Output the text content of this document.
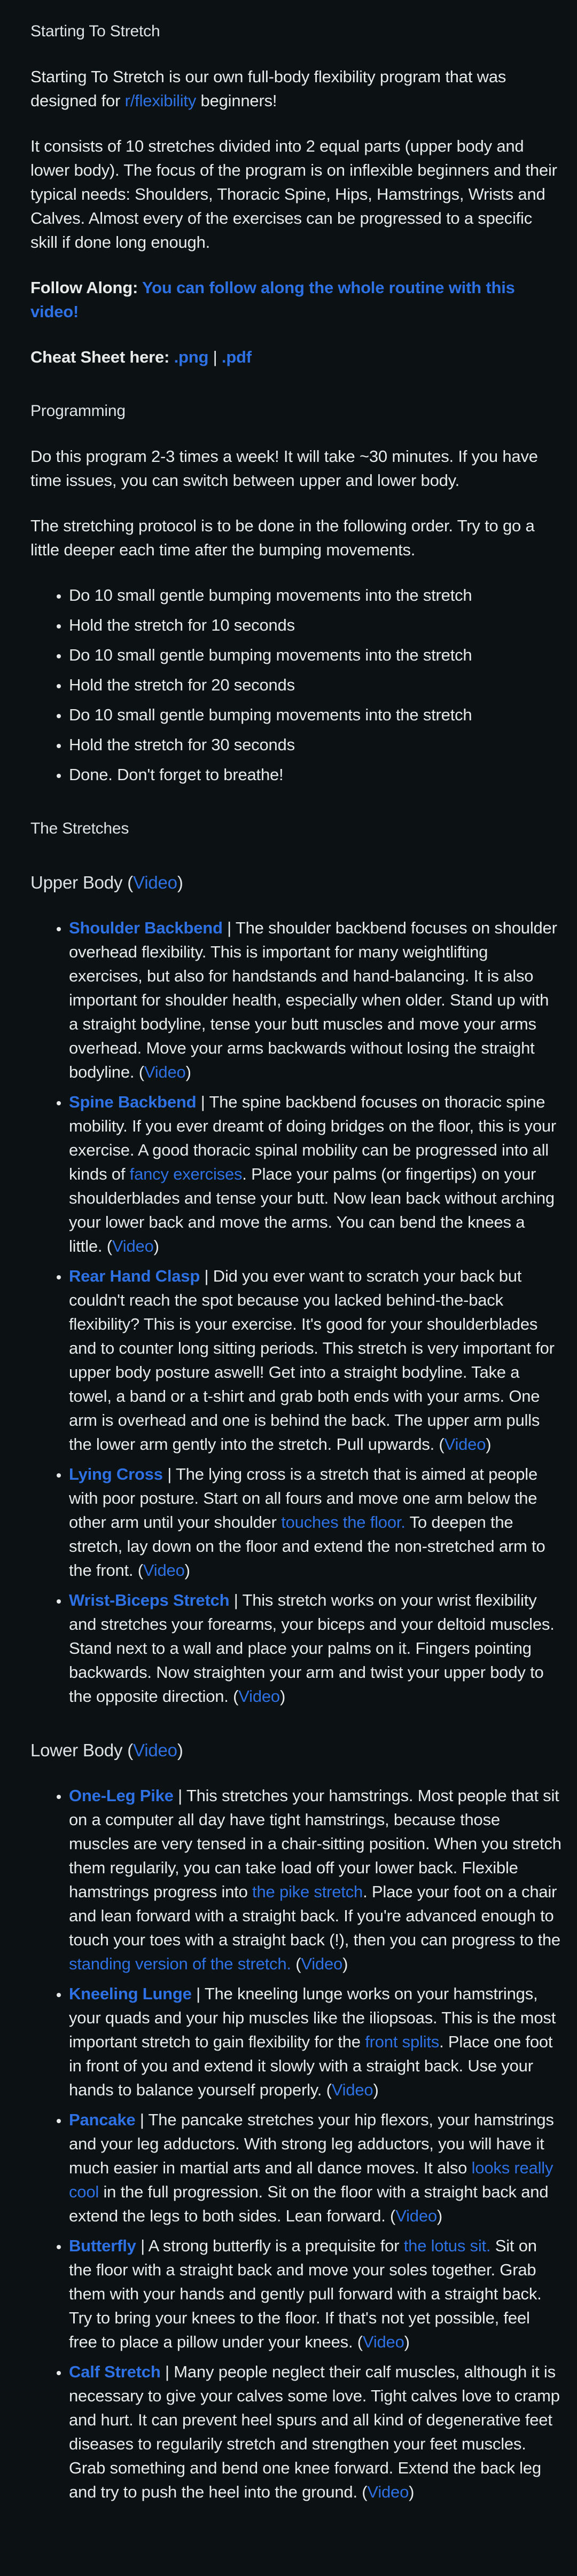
Starting To Stretch

Starting To Stretch is our own full-body flexibility program that was designed for r/flexibility beginners!

It consists of 10 stretches divided into 2 equal parts (upper body and lower body). The focus of the program is on inflexible beginners and their typical needs: Shoulders, Thoracic Spine, Hips, Hamstrings, Wrists and Calves. Almost every of the exercises can be progressed to a specific skill if done long enough.

Follow Along: You can follow along the whole routine with this video!

Cheat Sheet here: .png | .pdf

Programming

Do this program 2-3 times a week! It will take ~30 minutes. If you have time issues, you can switch between upper and lower body.

The stretching protocol is to be done in the following order. Try to go a little deeper each time after the bumping movements.

• Do 10 small gentle bumping movements into the stretch
• Hold the stretch for 10 seconds
• Do 10 small gentle bumping movements into the stretch
• Hold the stretch for 20 seconds
• Do 10 small gentle bumping movements into the stretch
• Hold the stretch for 30 seconds
• Done. Don't forget to breathe!
The Stretches
Upper Body (Video)
• Shoulder Backbend | The shoulder backbend focuses on shoulder overhead flexibility. This is important for many weightlifting exercises, but also for handstands and hand-balancing. It is also important for shoulder health, especially when older. Stand up with a straight bodyline, tense your butt muscles and move your arms overhead. Move your arms backwards without losing the straight bodyline. (Video)
• Spine Backbend | The spine backbend focuses on thoracic spine mobility. If you ever dreamt of doing bridges on the floor, this is your exercise. A good thoracic spinal mobility can be progressed into all kinds of fancy exercises. Place your palms (or fingertips) on your shoulderblades and tense your butt. Now lean back without arching your lower back and move the arms. You can bend the knees a little. (Video)
• Rear Hand Clasp | Did you ever want to scratch your back but couldn't reach the spot because you lacked behind-the-back flexibility? This is your exercise. It's good for your shoulderblades and to counter long sitting periods. This stretch is very important for upper body posture aswell! Get into a straight bodyline. Take a towel, a band or a t-shirt and grab both ends with your arms. One arm is overhead and one is behind the back. The upper arm pulls the lower arm gently into the stretch. Pull upwards. (Video)
• Lying Cross | The lying cross is a stretch that is aimed at people with poor posture. Start on all fours and move one arm below the other arm until your shoulder touches the floor. To deepen the stretch, lay down on the floor and extend the non-stretched arm to the front. (Video)
• Wrist-Biceps Stretch | This stretch works on your wrist flexibility and stretches your forearms, your biceps and your deltoid muscles. Stand next to a wall and place your palms on it. Fingers pointing backwards. Now straighten your arm and twist your upper body to the opposite direction. (Video)
Lower Body (Video)
• One-Leg Pike | This stretches your hamstrings. Most people that sit on a computer all day have tight hamstrings, because those muscles are very tensed in a chair-sitting position. When you stretch them regularily, you can take load off your lower back. Flexible hamstrings progress into the pike stretch. Place your foot on a chair and lean forward with a straight back. If you're advanced enough to touch your toes with a straight back (!), then you can progress to the standing version of the stretch. (Video)
• Kneeling Lunge | The kneeling lunge works on your hamstrings, your quads and your hip muscles like the iliopsoas. This is the most important stretch to gain flexibility for the front splits. Place one foot in front of you and extend it slowly with a straight back. Use your hands to balance yourself properly. (Video)
• Pancake | The pancake stretches your hip flexors, your hamstrings and your leg adductors. With strong leg adductors, you will have it much easier in martial arts and all dance moves. It also looks really cool in the full progression. Sit on the floor with a straight back and extend the legs to both sides. Lean forward. (Video)
• Butterfly | A strong butterfly is a prequisite for the lotus sit. Sit on the floor with a straight back and move your soles together. Grab them with your hands and gently pull forward with a straight back. Try to bring your knees to the floor. If that's not yet possible, feel free to place a pillow under your knees. (Video)
• Calf Stretch | Many people neglect their calf muscles, although it is necessary to give your calves some love. Tight calves love to cramp and hurt. It can prevent heel spurs and all kind of degenerative feet diseases to regularily stretch and strengthen your feet muscles. Grab something and bend one knee forward. Extend the back leg and try to push the heel into the ground. (Video)
